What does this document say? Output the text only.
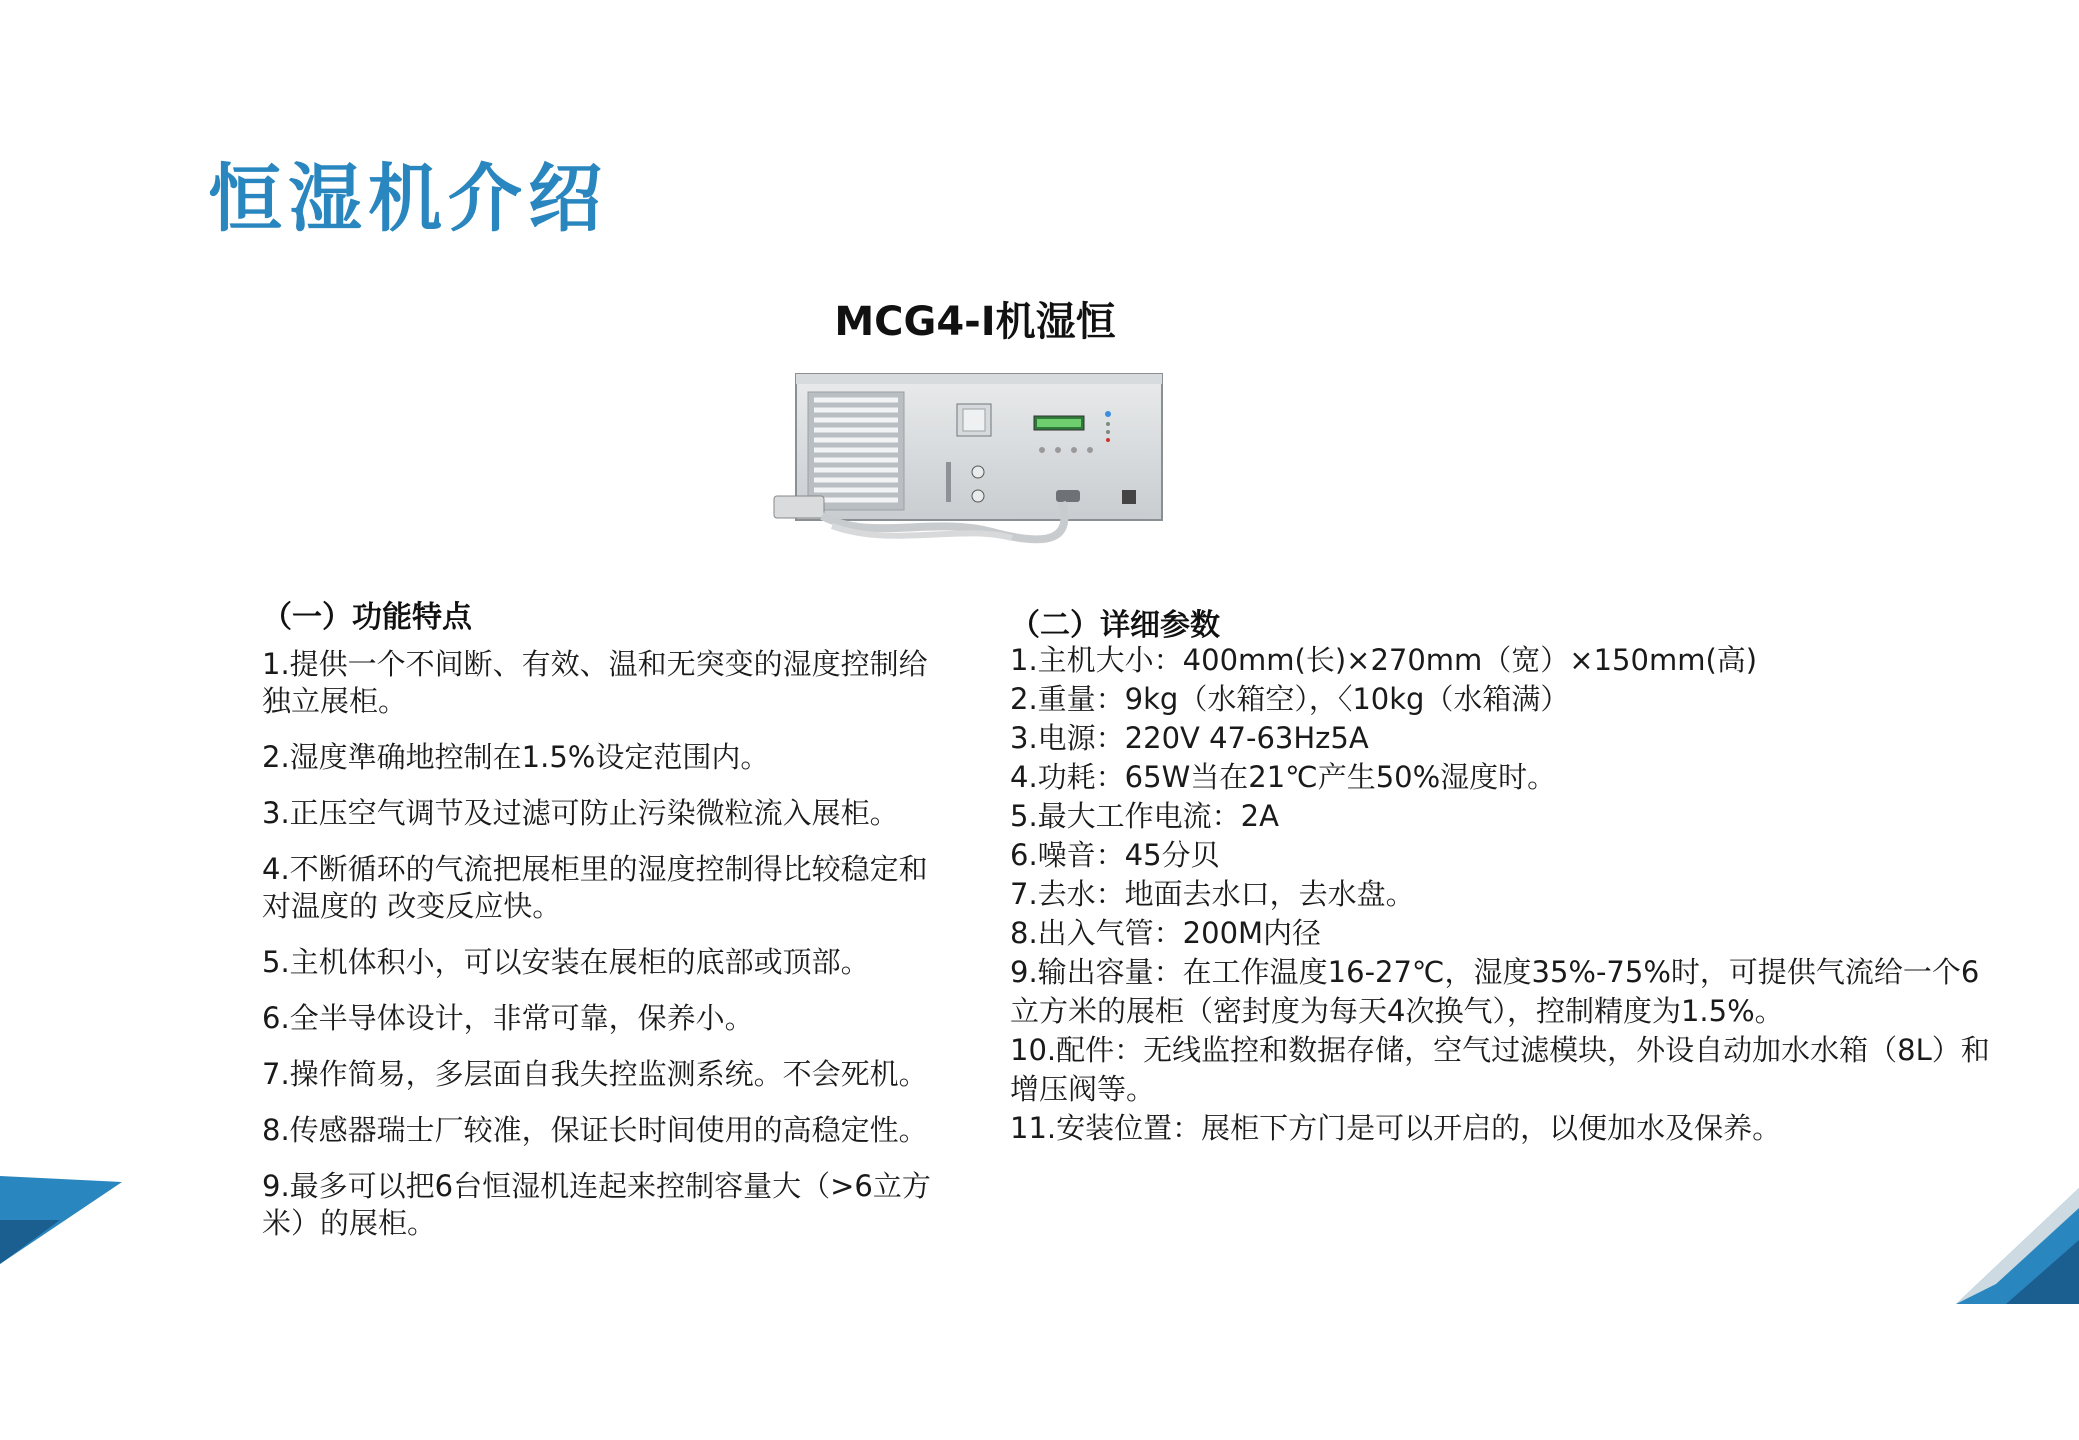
恒湿机介绍
MCG4-I机湿恒
（一）功能特点
1.提供一个不间断、有效、温和无突变的湿度控制给独立展柜。
2.湿度準确地控制在1.5%设定范围内。
3.正压空气调节及过滤可防止污染微粒流入展柜。
4.不断循环的气流把展柜里的湿度控制得比较稳定和对温度的 改变反应快。
5.主机体积小，可以安装在展柜的底部或顶部。
6.全半导体设计，非常可靠，保养小。
7.操作简易，多层面自我失控监测系统。不会死机。
8.传感器瑞士厂较准，保证长时间使用的高稳定性。
9.最多可以把6台恒湿机连起来控制容量大（>6立方米）的展柜。
（二）详细参数
1.主机大小：400mm(长)×270mm（宽）×150mm(高)
2.重量：9kg（水箱空），〈10kg（水箱满）
3.电源：220V 47-63Hz5A
4.功耗：65W当在21℃产生50%湿度时。
5.最大工作电流：2A
6.噪音：45分贝
7.去水：地面去水口，去水盘。
8.出入气管：200M内径
9.输出容量：在工作温度16-27℃，湿度35%-75%时，可提供气流给一个6立方米的展柜（密封度为每天4次换气），控制精度为1.5%。
10.配件：无线监控和数据存储，空气过滤模块，外设自动加水水箱（8L）和增压阀等。
11.安装位置：展柜下方门是可以开启的，以便加水及保养。
